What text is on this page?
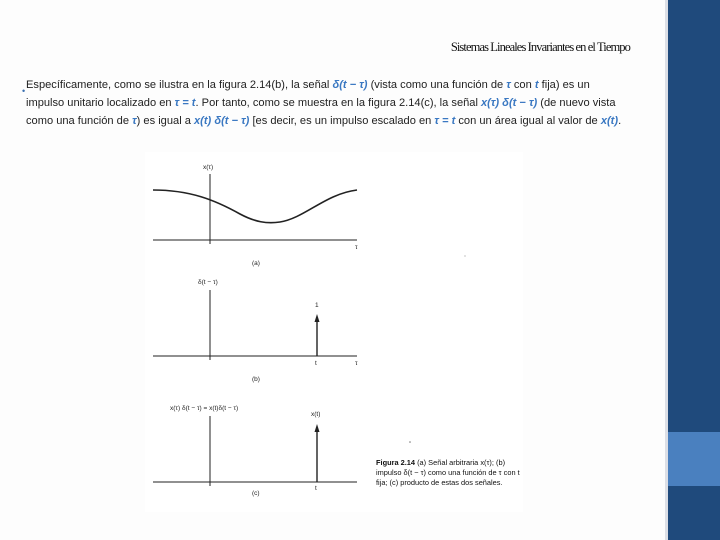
Sistemas Lineales Invariantes en el Tiempo
• Específicamente, como se ilustra en la figura 2.14(b), la señal δ(t − τ) (vista como una función de τ con t fija) es un impulso unitario localizado en τ = t. Por tanto, como se muestra en la figura 2.14(c), la señal x(τ) δ(t − τ) (de nuevo vista como una función de τ) es igual a x(t) δ(t − τ) [es decir, es un impulso escalado en τ = t con un área igual al valor de x(t).
x(τ)
τ
(a)
δ(t − τ)
1
t	τ
(b)
x(τ) δ(t − τ) = x(t)δ(t − τ)
x(t)
t
(c)
Figura 2.14 (a) Señal arbitraria x(τ); (b) impulso δ(t − τ) como una función de τ con t fija; (c) producto de estas dos señales.
